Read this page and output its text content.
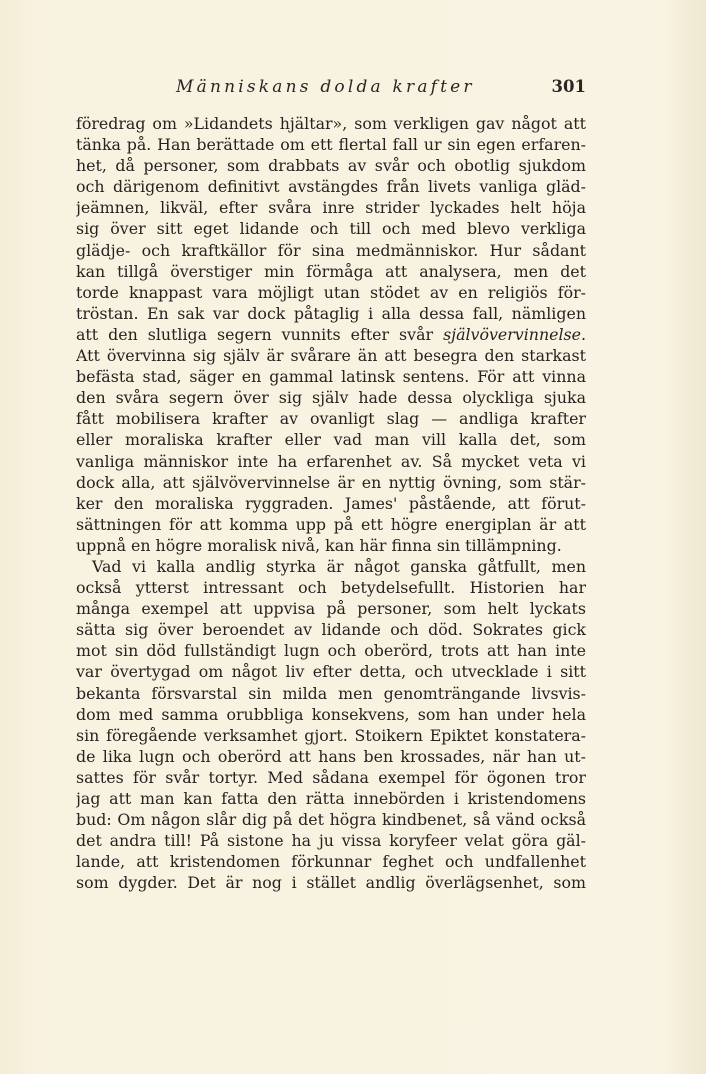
Människans dolda krafter	301
föredrag om »Lidandets hjältar», som verkligen gav något att
tänka på. Han berättade om ett flertal fall ur sin egen erfaren-
het, då personer, som drabbats av svår och obotlig sjukdom
och därigenom definitivt avstängdes från livets vanliga gläd-
jeämnen, likväl, efter svåra inre strider lyckades helt höja
sig över sitt eget lidande och till och med blevo verkliga
glädje- och kraftkällor för sina medmänniskor. Hur sådant
kan tillgå överstiger min förmåga att analysera, men det
torde knappast vara möjligt utan stödet av en religiös för-
tröstan. En sak var dock påtaglig i alla dessa fall, nämligen
att den slutliga segern vunnits efter svår självövervinnelse.
Att övervinna sig själv är svårare än att besegra den starkast
befästa stad, säger en gammal latinsk sentens. För att vinna
den svåra segern över sig själv hade dessa olyckliga sjuka
fått mobilisera krafter av ovanligt slag — andliga krafter
eller moraliska krafter eller vad man vill kalla det, som
vanliga människor inte ha erfarenhet av. Så mycket veta vi
dock alla, att självövervinnelse är en nyttig övning, som stär-
ker den moraliska ryggraden. James' påstående, att förut-
sättningen för att komma upp på ett högre energiplan är att
uppnå en högre moralisk nivå, kan här finna sin tillämpning.
Vad vi kalla andlig styrka är något ganska gåtfullt, men
också ytterst intressant och betydelsefullt. Historien har
många exempel att uppvisa på personer, som helt lyckats
sätta sig över beroendet av lidande och död. Sokrates gick
mot sin död fullständigt lugn och oberörd, trots att han inte
var övertygad om något liv efter detta, och utvecklade i sitt
bekanta försvarstal sin milda men genomträngande livsvis-
dom med samma orubbliga konsekvens, som han under hela
sin föregående verksamhet gjort. Stoikern Epiktet konstatera-
de lika lugn och oberörd att hans ben krossades, när han ut-
sattes för svår tortyr. Med sådana exempel för ögonen tror
jag att man kan fatta den rätta innebörden i kristendomens
bud: Om någon slår dig på det högra kindbenet, så vänd också
det andra till! På sistone ha ju vissa koryfeer velat göra gäl-
lande, att kristendomen förkunnar feghet och undfallenhet
som dygder. Det är nog i stället andlig överlägsenhet, som
